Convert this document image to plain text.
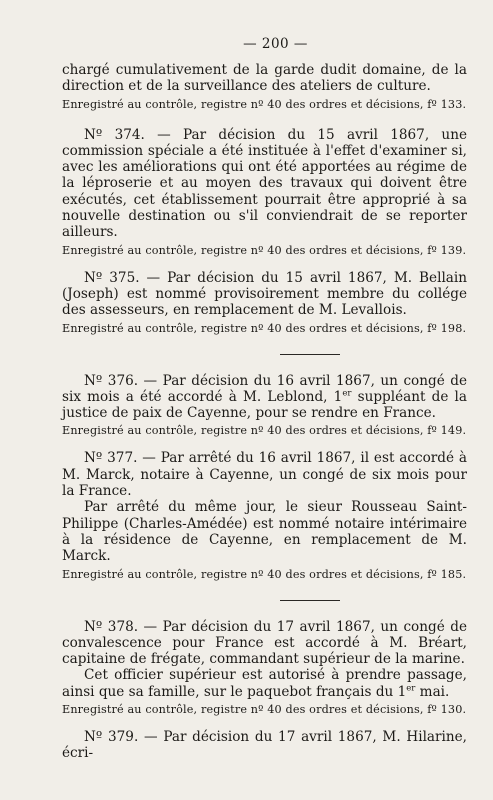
— 200 —

chargé cumulativement de la garde dudit domaine, de la direction et de la surveillance des ateliers de culture.

Enregistré au contrôle, registre nº 40 des ordres et décisions, fº 133.

Nº 374. — Par décision du 15 avril 1867, une commission spéciale a été instituée à l'effet d'examiner si, avec les améliorations qui ont été apportées au régime de la léproserie et au moyen des travaux qui doivent être exécutés, cet établissement pourrait être approprié à sa nouvelle destination ou s'il conviendrait de se reporter ailleurs.

Enregistré au contrôle, registre nº 40 des ordres et décisions, fº 139.

Nº 375. — Par décision du 15 avril 1867, M. Bellain (Joseph) est nommé provisoirement membre du collége des assesseurs, en remplacement de M. Levallois.

Enregistré au contrôle, registre nº 40 des ordres et décisions, fº 198.

Nº 376. — Par décision du 16 avril 1867, un congé de six mois a été accordé à M. Leblond, 1er suppléant de la justice de paix de Cayenne, pour se rendre en France.

Enregistré au contrôle, registre nº 40 des ordres et décisions, fº 149.

Nº 377. — Par arrêté du 16 avril 1867, il est accordé à M. Marck, notaire à Cayenne, un congé de six mois pour la France.

Par arrêté du même jour, le sieur Rousseau Saint-Philippe (Charles-Amédée) est nommé notaire intérimaire à la résidence de Cayenne, en remplacement de M. Marck.

Enregistré au contrôle, registre nº 40 des ordres et décisions, fº 185.

Nº 378. — Par décision du 17 avril 1867, un congé de convalescence pour France est accordé à M. Bréart, capitaine de frégate, commandant supérieur de la marine.

Cet officier supérieur est autorisé à prendre passage, ainsi que sa famille, sur le paquebot français du 1er mai.

Enregistré au contrôle, registre nº 40 des ordres et décisions, fº 130.

Nº 379. — Par décision du 17 avril 1867, M. Hilarine, écri-
